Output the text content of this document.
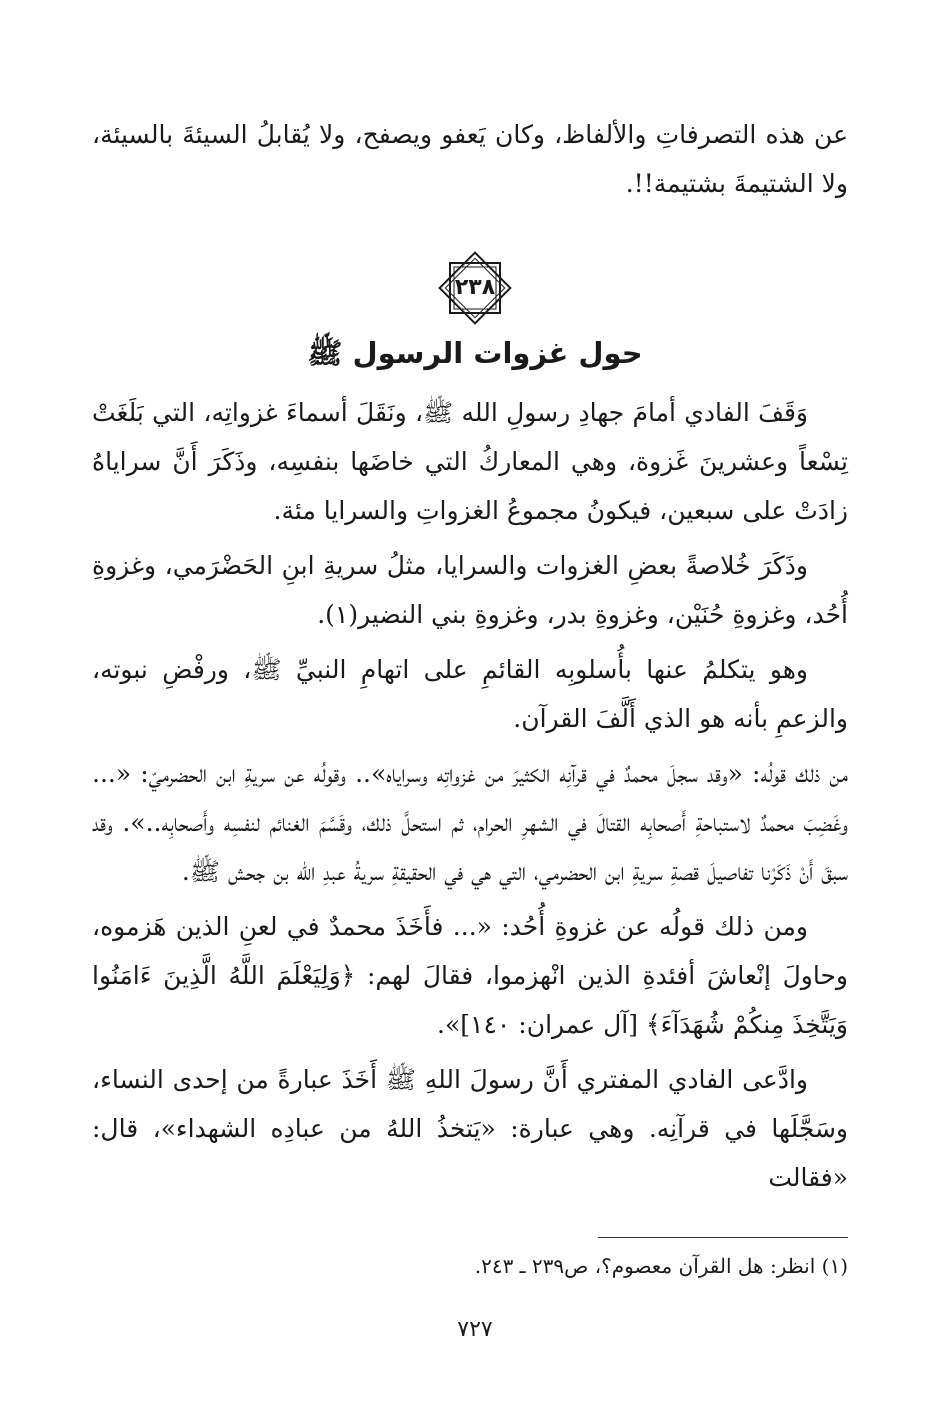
عن هذه التصرفاتِ والألفاظ، وكان يَعفو ويصفح، ولا يُقابلُ السيئةَ بالسيئة، ولا الشتيمةَ بشتيمة!!.

٢٣٨
حول غزوات الرسول ﷺ

وَقَفَ الفادي أمامَ جهادِ رسولِ الله ﷺ، ونَقَلَ أسماءَ غزواتِه، التي بَلَغَتْ تِسْعاً وعشرينَ غَزوة، وهي المعاركُ التي خاضَها بنفسِه، وذَكَرَ أَنَّ سراياهُ زادَتْ على سبعين، فيكونُ مجموعُ الغزواتِ والسرايا مئة.

وذَكَرَ خُلاصةً بعضِ الغزوات والسرايا، مثلُ سريةِ ابنِ الحَضْرَمي، وغزوةِ أُحُد، وغزوةِ حُنَيْن، وغزوةِ بدر، وغزوةِ بني النضير(١).

وهو يتكلمُ عنها بأُسلوبِه القائمِ على اتهامِ النبيِّ ﷺ، ورفْضِ نبوته، والزعمِ بأنه هو الذي أَلَّفَ القرآن.

من ذلك قولُه: «وقد سجلَ محمدٌ في قرآنِه الكثيرَ من غزواتِه وسراياه».. وقولُه عن سريةِ ابن الحضرميّ: «... وغَضِبَ محمدٌ لاستباحةِ أَصحابِه القتالَ في الشهرِ الحرام، ثم استحلَّ ذلك، وقَسَّمَ الغنائم لنفسِه وأَصحابِه..». وقد سبقَ أَنْ ذَكَرْنا تفاصيلَ قصةِ سريةِ ابن الحضرمي، التي هي في الحقيقةِ سريةُ عبدِ الله بن جحش ﷺ.

ومن ذلك قولُه عن غزوةِ أُحُد: «... فأَخَذَ محمدٌ في لعنِ الذين هَزموه، وحاولَ إنْعاشَ أفئدةِ الذين انْهزموا، فقالَ لهم: ﴿وَلِيَعْلَمَ اللَّهُ الَّذِينَ ءَامَنُوا وَيَتَّخِذَ مِنكُمْ شُهَدَآءَ﴾ [آل عمران: ١٤٠]».

وادَّعى الفادي المفتري أَنَّ رسولَ اللهِ ﷺ أَخَذَ عبارةً من إحدى النساء، وسَجَّلَها في قرآنِه. وهي عبارة: «يَتخذُ اللهُ من عبادِه الشهداء»، قال: «فقالت

(١) انظر: هل القرآن معصوم؟، ص٢٣٩ ـ ٢٤٣.
٧٢٧
